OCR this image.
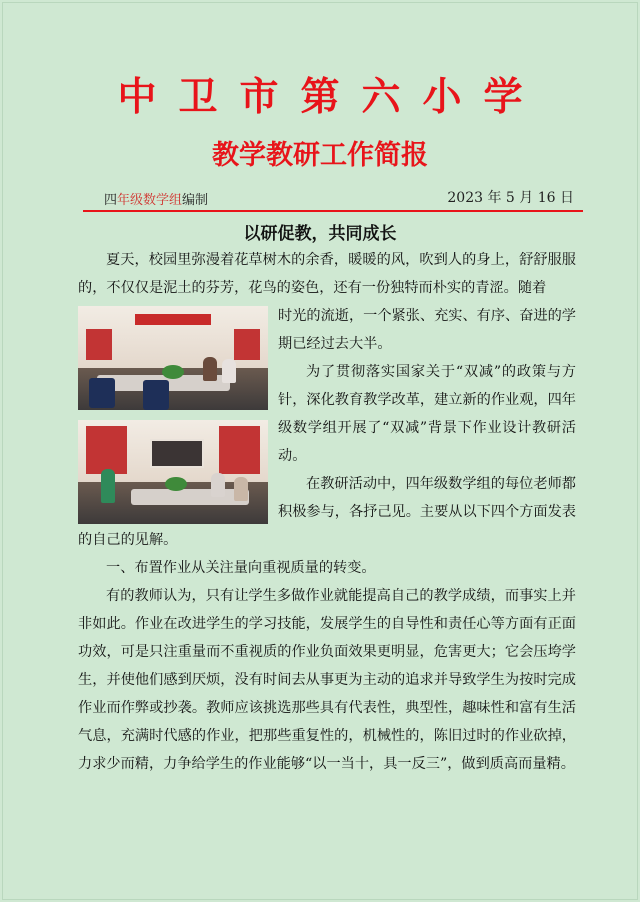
中卫市第六小学
教学教研工作简报
四年级数学组编制	2023 年 5 月 16 日
以研促教，共同成长

夏天，校园里弥漫着花草树木的余香，暖暖的风，吹到人的身上，舒舒服服的，不仅仅是泥土的芬芳，花鸟的姿色，还有一份独特而朴实的青涩。随着

时光的流逝，一个紧张、充实、有序、奋进的学期已经过去大半。

为了贯彻落实国家关于“双减”的政策与方针，深化教育教学改革，建立新的作业观，四年级数学组开展了“双减”背景下作业设计教研活动。

在教研活动中，四年级数学组的每位老师都积极参与，各抒己见。主要从以下四个方面发表的自己的见解。

一、布置作业从关注量向重视质量的转变。

有的教师认为，只有让学生多做作业就能提高自己的教学成绩，而事实上并非如此。作业在改进学生的学习技能，发展学生的自导性和责任心等方面有正面功效，可是只注重量而不重视质的作业负面效果更明显，危害更大；它会压垮学生，并使他们感到厌烦，没有时间去从事更为主动的追求并导致学生为按时完成作业而作弊或抄袭。教师应该挑选那些具有代表性，典型性，趣味性和富有生活气息，充满时代感的作业，把那些重复性的，机械性的，陈旧过时的作业砍掉，力求少而精，力争给学生的作业能够“以一当十，具一反三”，做到质高而量精。
